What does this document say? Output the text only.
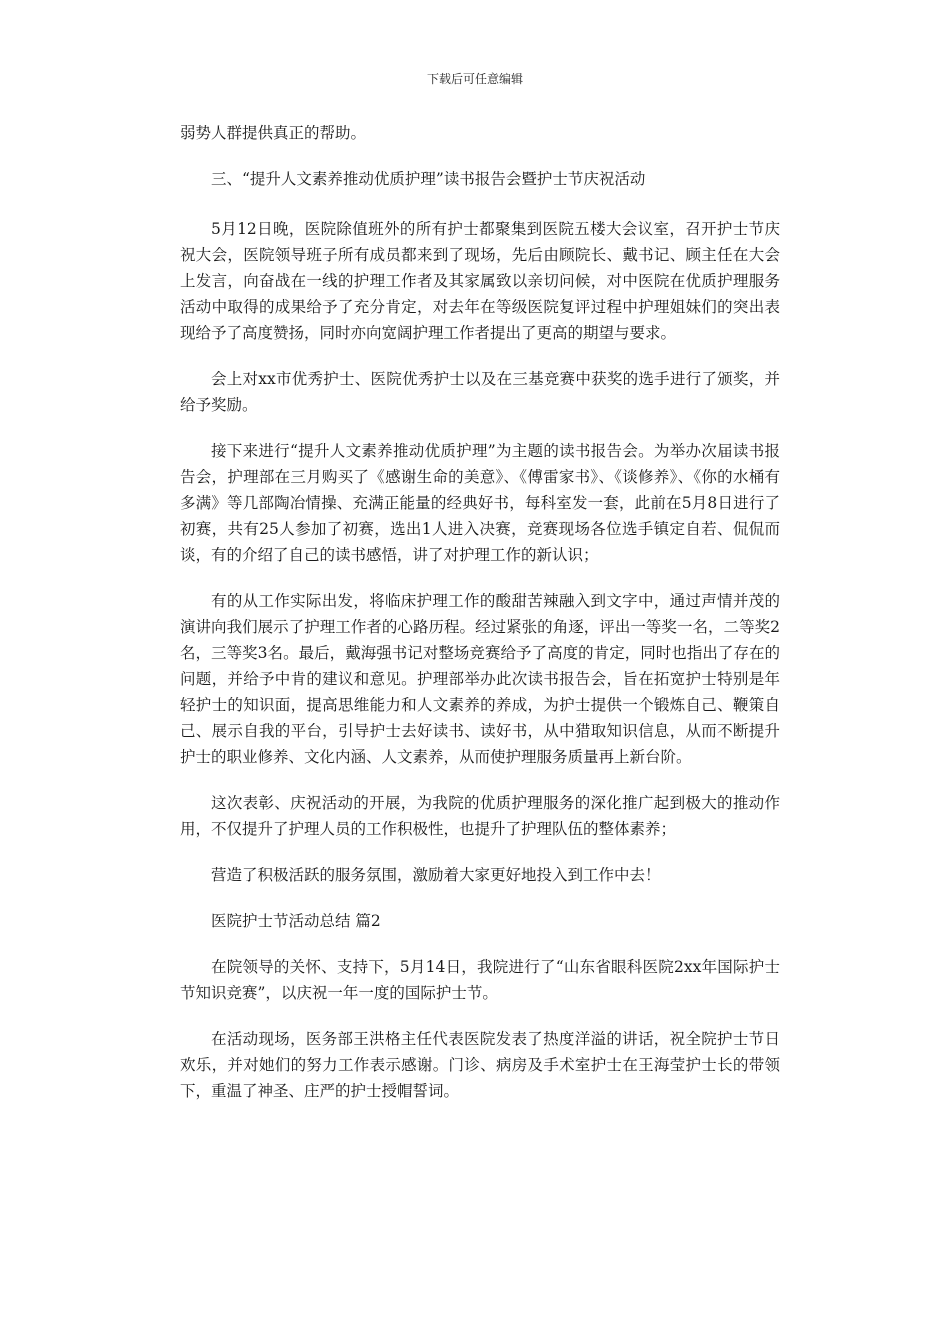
下载后可任意编辑

弱势人群提供真正的帮助。

三、“提升人文素养推动优质护理”读书报告会暨护士节庆祝活动

5月12日晚，医院除值班外的所有护士都聚集到医院五楼大会议室，召开护士节庆祝大会，医院领导班子所有成员都来到了现场，先后由顾院长、戴书记、顾主任在大会上发言，向奋战在一线的护理工作者及其家属致以亲切问候，对中医院在优质护理服务活动中取得的成果给予了充分肯定，对去年在等级医院复评过程中护理姐妹们的突出表现给予了高度赞扬，同时亦向宽阔护理工作者提出了更高的期望与要求。

会上对xx市优秀护士、医院优秀护士以及在三基竞赛中获奖的选手进行了颁奖，并给予奖励。

接下来进行“提升人文素养推动优质护理”为主题的读书报告会。为举办次届读书报告会，护理部在三月购买了《感谢生命的美意》、《傅雷家书》、《谈修养》、《你的水桶有多满》等几部陶冶情操、充满正能量的经典好书，每科室发一套，此前在5月8日进行了初赛，共有25人参加了初赛，选出1人进入决赛，竞赛现场各位选手镇定自若、侃侃而谈，有的介绍了自己的读书感悟，讲了对护理工作的新认识；

有的从工作实际出发，将临床护理工作的酸甜苦辣融入到文字中，通过声情并茂的演讲向我们展示了护理工作者的心路历程。经过紧张的角逐，评出一等奖一名，二等奖2名，三等奖3名。最后，戴海强书记对整场竞赛给予了高度的肯定，同时也指出了存在的问题，并给予中肯的建议和意见。护理部举办此次读书报告会，旨在拓宽护士特别是年轻护士的知识面，提高思维能力和人文素养的养成，为护士提供一个锻炼自己、鞭策自己、展示自我的平台，引导护士去好读书、读好书，从中猎取知识信息，从而不断提升护士的职业修养、文化内涵、人文素养，从而使护理服务质量再上新台阶。

这次表彰、庆祝活动的开展，为我院的优质护理服务的深化推广起到极大的推动作用，不仅提升了护理人员的工作积极性，也提升了护理队伍的整体素养；

营造了积极活跃的服务氛围，激励着大家更好地投入到工作中去！

医院护士节活动总结 篇2

在院领导的关怀、支持下，5月14日，我院进行了“山东省眼科医院2xx年国际护士节知识竞赛”，以庆祝一年一度的国际护士节。

在活动现场，医务部王洪格主任代表医院发表了热度洋溢的讲话，祝全院护士节日欢乐，并对她们的努力工作表示感谢。门诊、病房及手术室护士在王海莹护士长的带领下，重温了神圣、庄严的护士授帽誓词。
